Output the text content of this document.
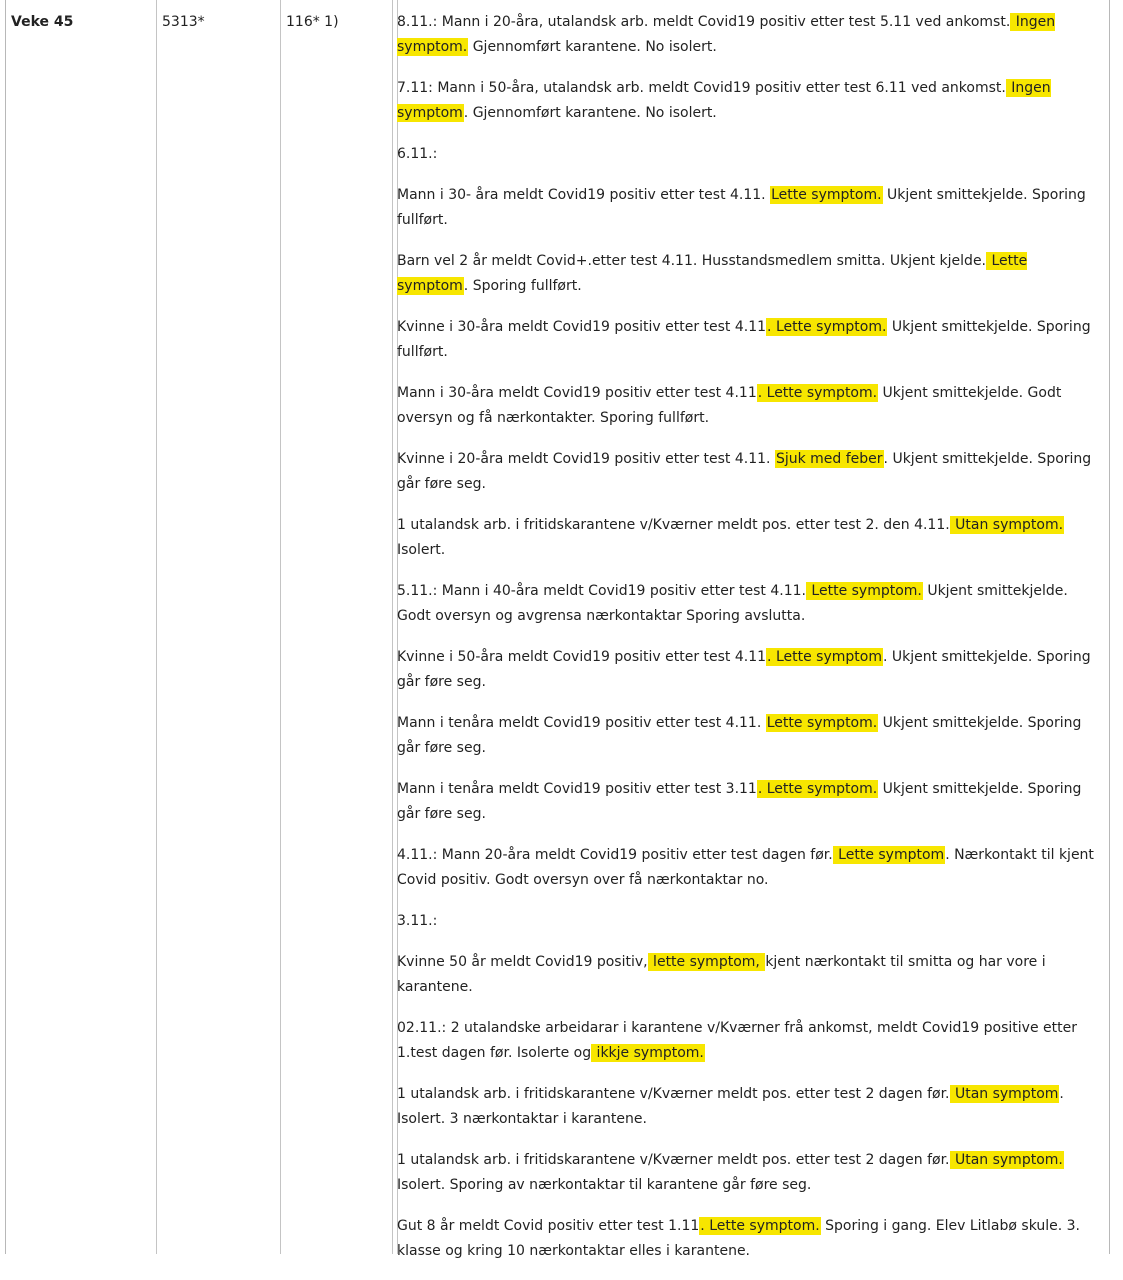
Veke 45	5313*	116* 1)	8.11.: Mann i 20-åra, utalandsk arb. meldt Covid19 positiv etter test 5.11 ved ankomst. Ingen symptom. Gjennomført karantene. No isolert.

7.11: Mann i 50-åra, utalandsk arb. meldt Covid19 positiv etter test 6.11 ved ankomst. Ingen symptom. Gjennomført karantene. No isolert.

6.11.:

Mann i 30- åra meldt Covid19 positiv etter test 4.11. Lette symptom. Ukjent smittekjelde. Sporing fullført.

Barn vel 2 år meldt Covid+.etter test 4.11. Husstandsmedlem smitta. Ukjent kjelde. Lette symptom. Sporing fullført.

Kvinne i 30-åra meldt Covid19 positiv etter test 4.11. Lette symptom. Ukjent smittekjelde. Sporing fullført.

Mann i 30-åra meldt Covid19 positiv etter test 4.11. Lette symptom. Ukjent smittekjelde. Godt oversyn og få nærkontakter. Sporing fullført.

Kvinne i 20-åra meldt Covid19 positiv etter test 4.11. Sjuk med feber. Ukjent smittekjelde. Sporing går føre seg.

1 utalandsk arb. i fritidskarantene v/Kværner meldt pos. etter test 2. den 4.11. Utan symptom. Isolert.

5.11.: Mann i 40-åra meldt Covid19 positiv etter test 4.11. Lette symptom. Ukjent smittekjelde. Godt oversyn og avgrensa nærkontaktar Sporing avslutta.

Kvinne i 50-åra meldt Covid19 positiv etter test 4.11. Lette symptom. Ukjent smittekjelde. Sporing går føre seg.

Mann i tenåra meldt Covid19 positiv etter test 4.11. Lette symptom. Ukjent smittekjelde. Sporing går føre seg.

Mann i tenåra meldt Covid19 positiv etter test 3.11. Lette symptom. Ukjent smittekjelde. Sporing går føre seg.

4.11.: Mann 20-åra meldt Covid19 positiv etter test dagen før. Lette symptom. Nærkontakt til kjent Covid positiv. Godt oversyn over få nærkontaktar no.

3.11.:

Kvinne 50 år meldt Covid19 positiv, lette symptom, kjent nærkontakt til smitta og har vore i karantene.

02.11.: 2 utalandske arbeidarar i karantene v/Kværner frå ankomst, meldt Covid19 positive etter 1.test dagen før. Isolerte og ikkje symptom.

1 utalandsk arb. i fritidskarantene v/Kværner meldt pos. etter test 2 dagen før. Utan symptom. Isolert. 3 nærkontaktar i karantene.

1 utalandsk arb. i fritidskarantene v/Kværner meldt pos. etter test 2 dagen før. Utan symptom. Isolert. Sporing av nærkontaktar til karantene går føre seg.

Gut 8 år meldt Covid positiv etter test 1.11. Lette symptom. Sporing i gang. Elev Litlabø skule. 3. klasse og kring 10 nærkontaktar elles i karantene.
